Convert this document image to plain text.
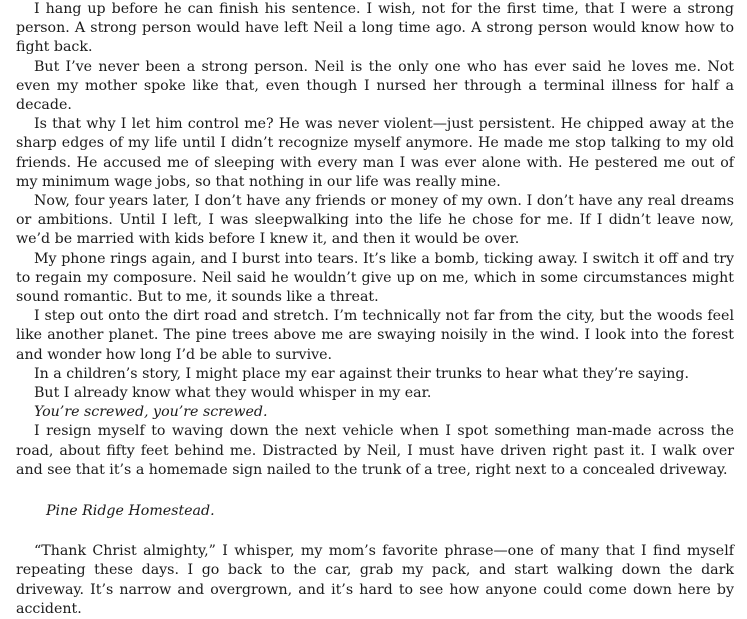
I hang up before he can finish his sentence. I wish, not for the first time, that I were a strong person. A strong person would have left Neil a long time ago. A strong person would know how to fight back.

But I’ve never been a strong person. Neil is the only one who has ever said he loves me. Not even my mother spoke like that, even though I nursed her through a terminal illness for half a decade.

Is that why I let him control me? He was never violent—just persistent. He chipped away at the sharp edges of my life until I didn’t recognize myself anymore. He made me stop talking to my old friends. He accused me of sleeping with every man I was ever alone with. He pestered me out of my minimum wage jobs, so that nothing in our life was really mine.

Now, four years later, I don’t have any friends or money of my own. I don’t have any real dreams or ambitions. Until I left, I was sleepwalking into the life he chose for me. If I didn’t leave now, we’d be married with kids before I knew it, and then it would be over.

My phone rings again, and I burst into tears. It’s like a bomb, ticking away. I switch it off and try to regain my composure. Neil said he wouldn’t give up on me, which in some circumstances might sound romantic. But to me, it sounds like a threat.

I step out onto the dirt road and stretch. I’m technically not far from the city, but the woods feel like another planet. The pine trees above me are swaying noisily in the wind. I look into the forest and wonder how long I’d be able to survive.

In a children’s story, I might place my ear against their trunks to hear what they’re saying.

But I already know what they would whisper in my ear.

You’re screwed, you’re screwed.

I resign myself to waving down the next vehicle when I spot something man-made across the road, about fifty feet behind me. Distracted by Neil, I must have driven right past it. I walk over and see that it’s a homemade sign nailed to the trunk of a tree, right next to a concealed driveway.

Pine Ridge Homestead.

“Thank Christ almighty,” I whisper, my mom’s favorite phrase—one of many that I find myself repeating these days. I go back to the car, grab my pack, and start walking down the dark driveway. It’s narrow and overgrown, and it’s hard to see how anyone could come down here by accident.
